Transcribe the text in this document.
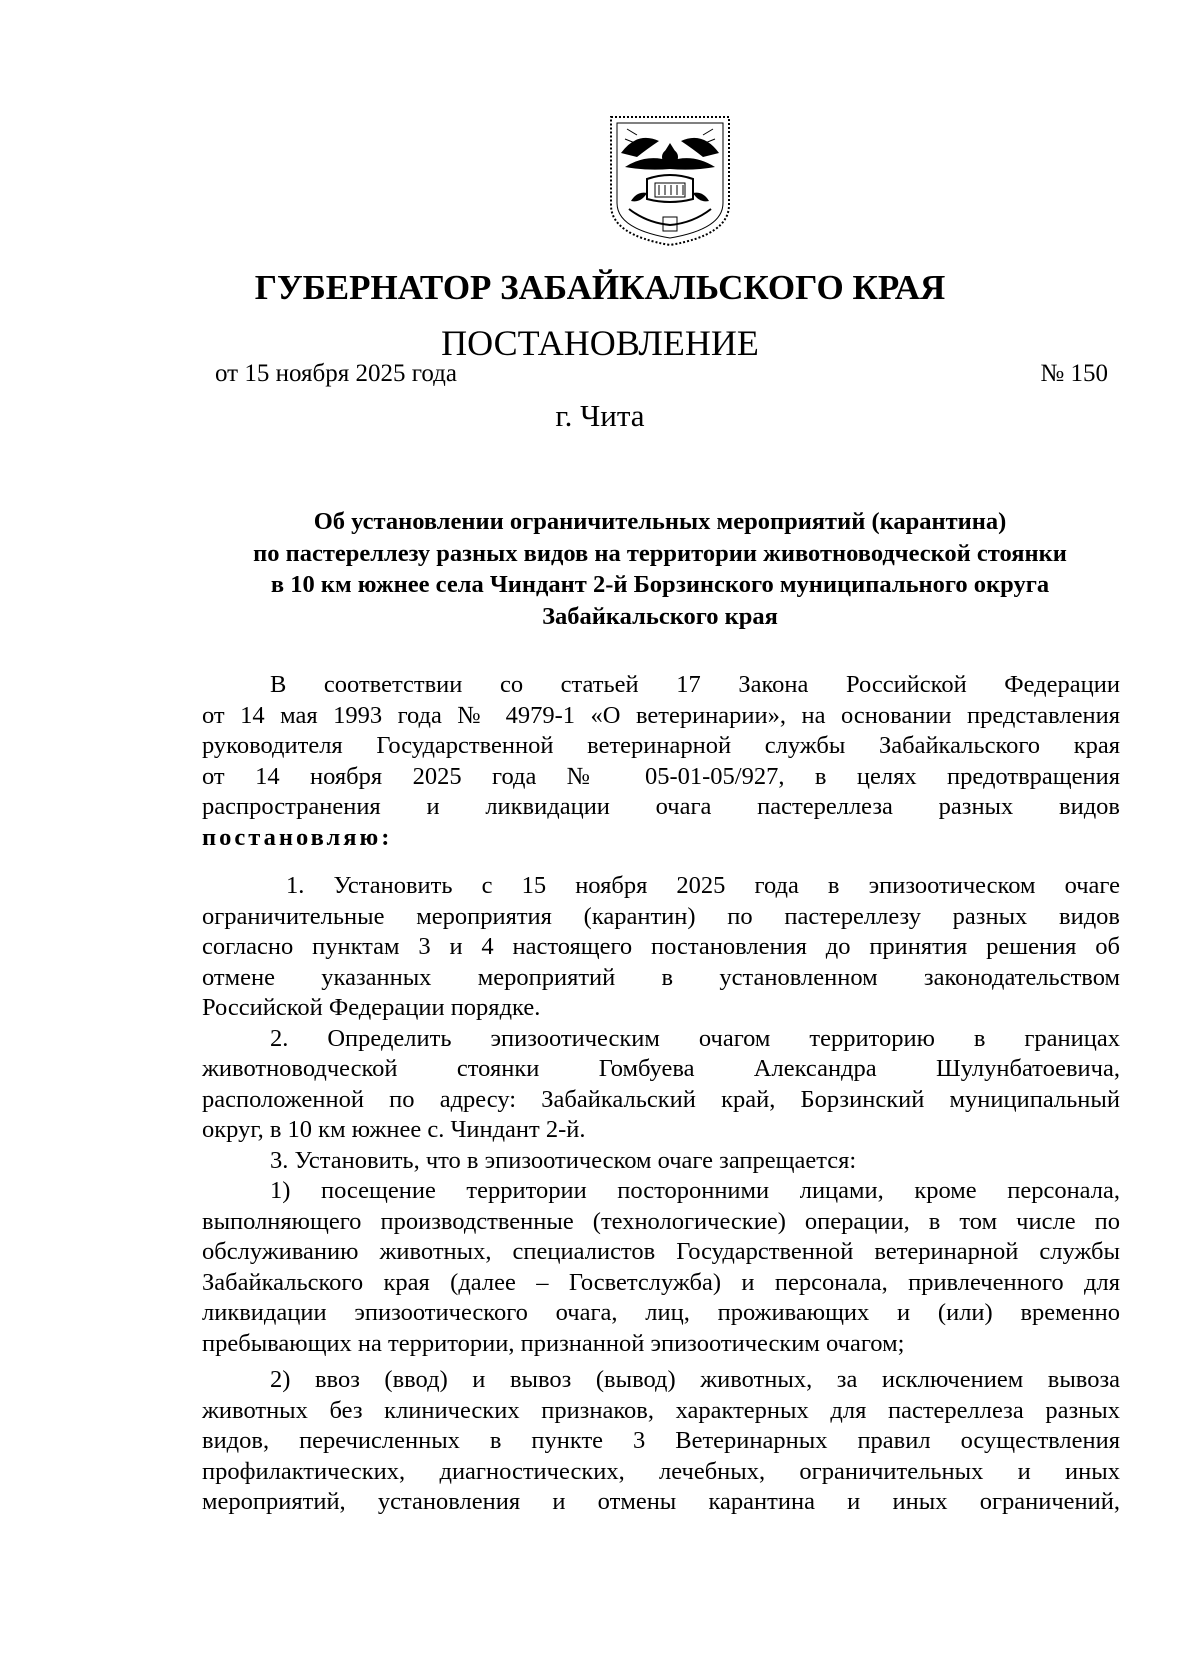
ГУБЕРНАТОР ЗАБАЙКАЛЬСКОГО КРАЯ
ПОСТАНОВЛЕНИЕ
от 15 ноября 2025 года	№ 150
г. Чита
Об установлении ограничительных мероприятий (карантина)
по пастереллезу разных видов на территории животноводческой стоянки
в 10 км южнее села Чиндант 2-й Борзинского муниципального округа
Забайкальского края
В соответствии со статьей 17 Закона Российской Федерации
от 14 мая 1993 года № 4979-1 «О ветеринарии», на основании представления
руководителя Государственной ветеринарной службы Забайкальского края
от 14 ноября 2025 года № 05-01-05/927, в целях предотвращения
распространения и ликвидации очага пастереллеза разных видов
постановляю:
1. Установить с 15 ноября 2025 года в эпизоотическом очаге
ограничительные мероприятия (карантин) по пастереллезу разных видов
согласно пунктам 3 и 4 настоящего постановления до принятия решения об
отмене указанных мероприятий в установленном законодательством
Российской Федерации порядке.
2. Определить эпизоотическим очагом территорию в границах
животноводческой стоянки Гомбуева Александра Шулунбатоевича,
расположенной по адресу: Забайкальский край, Борзинский муниципальный
округ, в 10 км южнее с. Чиндант 2-й.
3. Установить, что в эпизоотическом очаге запрещается:
1) посещение территории посторонними лицами, кроме персонала,
выполняющего производственные (технологические) операции, в том числе по
обслуживанию животных, специалистов Государственной ветеринарной службы
Забайкальского края (далее – Госветслужба) и персонала, привлеченного для
ликвидации эпизоотического очага, лиц, проживающих и (или) временно
пребывающих на территории, признанной эпизоотическим очагом;
2) ввоз (ввод) и вывоз (вывод) животных, за исключением вывоза
животных без клинических признаков, характерных для пастереллеза разных
видов, перечисленных в пункте 3 Ветеринарных правил осуществления
профилактических, диагностических, лечебных, ограничительных и иных
мероприятий, установления и отмены карантина и иных ограничений,
